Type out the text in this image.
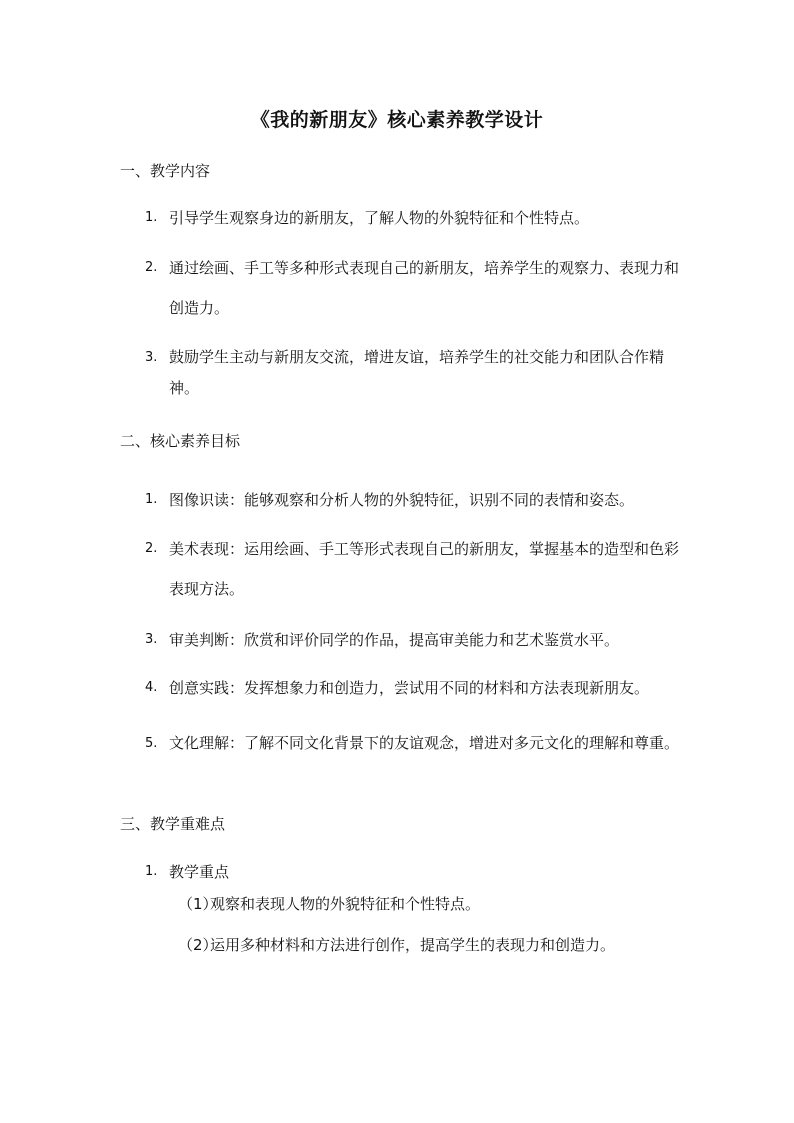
《我的新朋友》核心素养教学设计
一、教学内容
1. 引导学生观察身边的新朋友，了解人物的外貌特征和个性特点。
2. 通过绘画、手工等多种形式表现自己的新朋友，培养学生的观察力、表现力和创造力。
3. 鼓励学生主动与新朋友交流，增进友谊，培养学生的社交能力和团队合作精神。
二、核心素养目标
1. 图像识读：能够观察和分析人物的外貌特征，识别不同的表情和姿态。
2. 美术表现：运用绘画、手工等形式表现自己的新朋友，掌握基本的造型和色彩表现方法。
3. 审美判断：欣赏和评价同学的作品，提高审美能力和艺术鉴赏水平。
4. 创意实践：发挥想象力和创造力，尝试用不同的材料和方法表现新朋友。
5. 文化理解：了解不同文化背景下的友谊观念，增进对多元文化的理解和尊重。
三、教学重难点
1. 教学重点
（1）观察和表现人物的外貌特征和个性特点。
（2）运用多种材料和方法进行创作，提高学生的表现力和创造力。
